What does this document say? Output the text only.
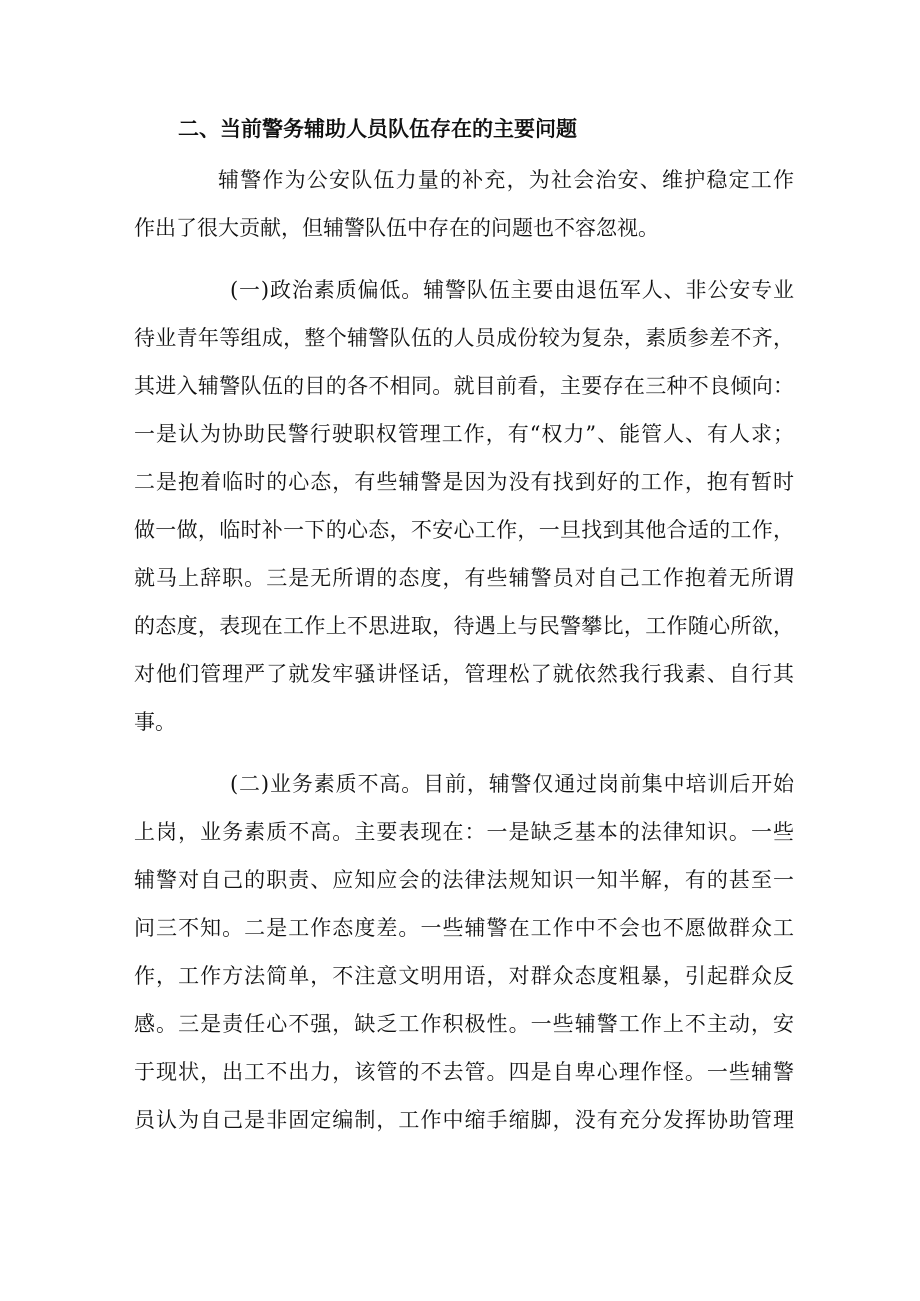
二、当前警务辅助人员队伍存在的主要问题
辅警作为公安队伍力量的补充，为社会治安、维护稳定工作
作出了很大贡献，但辅警队伍中存在的问题也不容忽视。
(一)政治素质偏低。辅警队伍主要由退伍军人、非公安专业
待业青年等组成，整个辅警队伍的人员成份较为复杂，素质参差不齐，
其进入辅警队伍的目的各不相同。就目前看，主要存在三种不良倾向：
一是认为协助民警行驶职权管理工作，有“权力”、能管人、有人求；
二是抱着临时的心态，有些辅警是因为没有找到好的工作，抱有暂时
做一做，临时补一下的心态，不安心工作，一旦找到其他合适的工作，
就马上辞职。三是无所谓的态度，有些辅警员对自己工作抱着无所谓
的态度，表现在工作上不思进取，待遇上与民警攀比，工作随心所欲，
对他们管理严了就发牢骚讲怪话，管理松了就依然我行我素、自行其
事。
(二)业务素质不高。目前，辅警仅通过岗前集中培训后开始
上岗，业务素质不高。主要表现在：一是缺乏基本的法律知识。一些
辅警对自己的职责、应知应会的法律法规知识一知半解，有的甚至一
问三不知。二是工作态度差。一些辅警在工作中不会也不愿做群众工
作，工作方法简单，不注意文明用语，对群众态度粗暴，引起群众反
感。三是责任心不强，缺乏工作积极性。一些辅警工作上不主动，安
于现状，出工不出力，该管的不去管。四是自卑心理作怪。一些辅警
员认为自己是非固定编制，工作中缩手缩脚，没有充分发挥协助管理
